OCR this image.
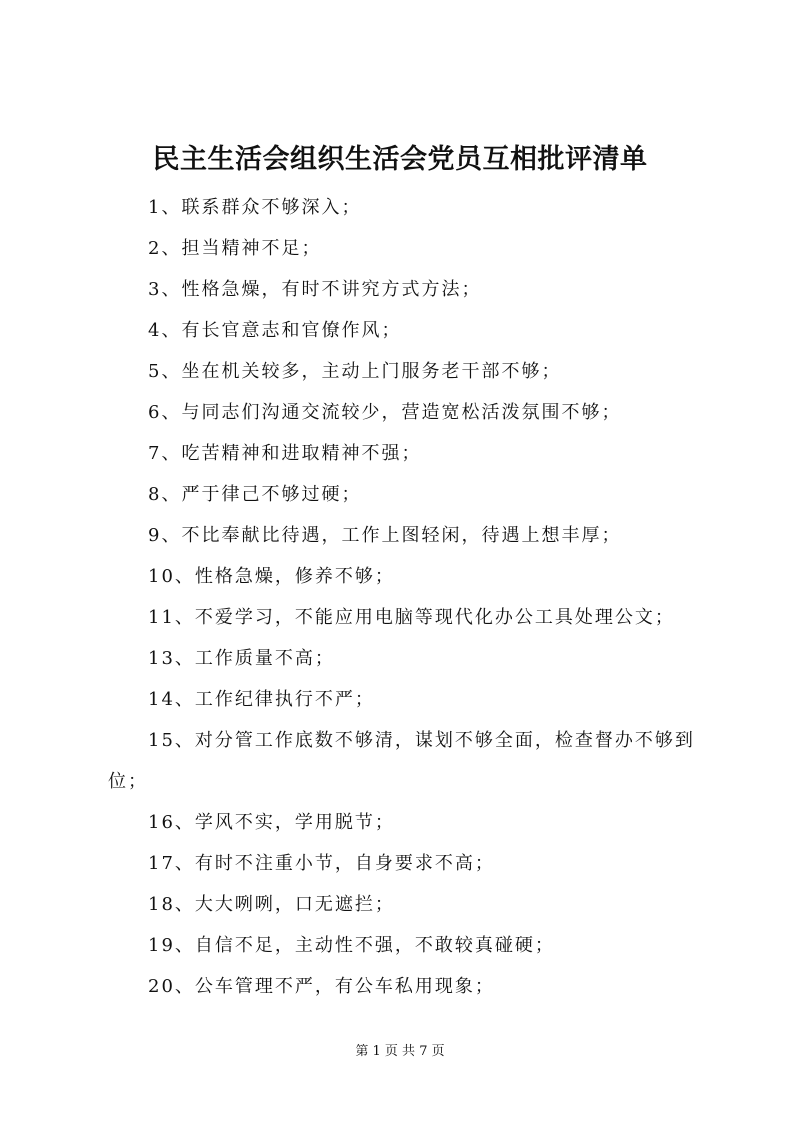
民主生活会组织生活会党员互相批评清单
1、联系群众不够深入；
2、担当精神不足；
3、性格急燥，有时不讲究方式方法；
4、有长官意志和官僚作风；
5、坐在机关较多，主动上门服务老干部不够；
6、与同志们沟通交流较少，营造宽松活泼氛围不够；
7、吃苦精神和进取精神不强；
8、严于律己不够过硬；
9、不比奉献比待遇，工作上图轻闲，待遇上想丰厚；
10、性格急燥，修养不够；
11、不爱学习，不能应用电脑等现代化办公工具处理公文；
13、工作质量不高；
14、工作纪律执行不严；
15、对分管工作底数不够清，谋划不够全面，检查督办不够到位；
16、学风不实，学用脱节；
17、有时不注重小节，自身要求不高；
18、大大咧咧，口无遮拦；
19、自信不足，主动性不强，不敢较真碰硬；
20、公车管理不严，有公车私用现象；
第 1 页 共 7 页
